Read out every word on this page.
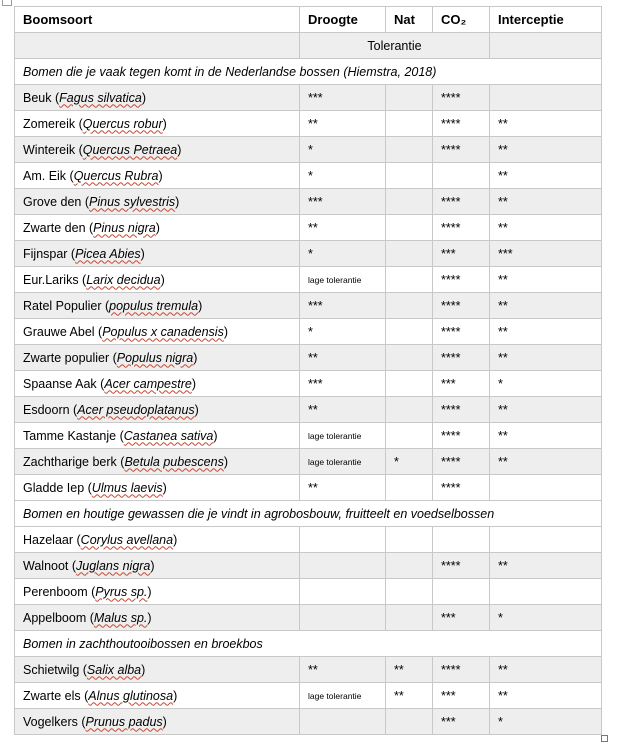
Boomsoort	Droogte	Nat	CO₂	Interceptie
	Tolerantie			
Bomen die je vaak tegen komt in de Nederlandse bossen (Hiemstra, 2018)				
Beuk (Fagus silvatica)	***		****	
Zomereik (Quercus robur)	**		****	**
Wintereik (Quercus Petraea)	*		****	**
Am. Eik (Quercus Rubra)	*			**
Grove den (Pinus sylvestris)	***		****	**
Zwarte den (Pinus nigra)	**		****	**
Fijnspar (Picea Abies)	*		***	***
Eur.Lariks (Larix decidua)	lage tolerantie		****	**
Ratel Populier (populus tremula)	***		****	**
Grauwe Abel (Populus x canadensis)	*		****	**
Zwarte populier (Populus nigra)	**		****	**
Spaanse Aak (Acer campestre)	***		***	*
Esdoorn (Acer pseudoplatanus)	**		****	**
Tamme Kastanje (Castanea sativa)	lage tolerantie		****	**
Zachtharige berk (Betula pubescens)	lage tolerantie	*	****	**
Gladde Iep (Ulmus laevis)	**		****	
Bomen en houtige gewassen die je vindt in agrobosbouw, fruitteelt en voedselbossen				
Hazelaar (Corylus avellana)				
Walnoot (Juglans nigra)			****	**
Perenboom (Pyrus sp.)				
Appelboom (Malus sp.)			***	*
Bomen in zachthoutooibossen en broekbos				
Schietwilg (Salix alba)	**	**	****	**
Zwarte els (Alnus glutinosa)	lage tolerantie	**	***	**
Vogelkers (Prunus padus)			***	*
